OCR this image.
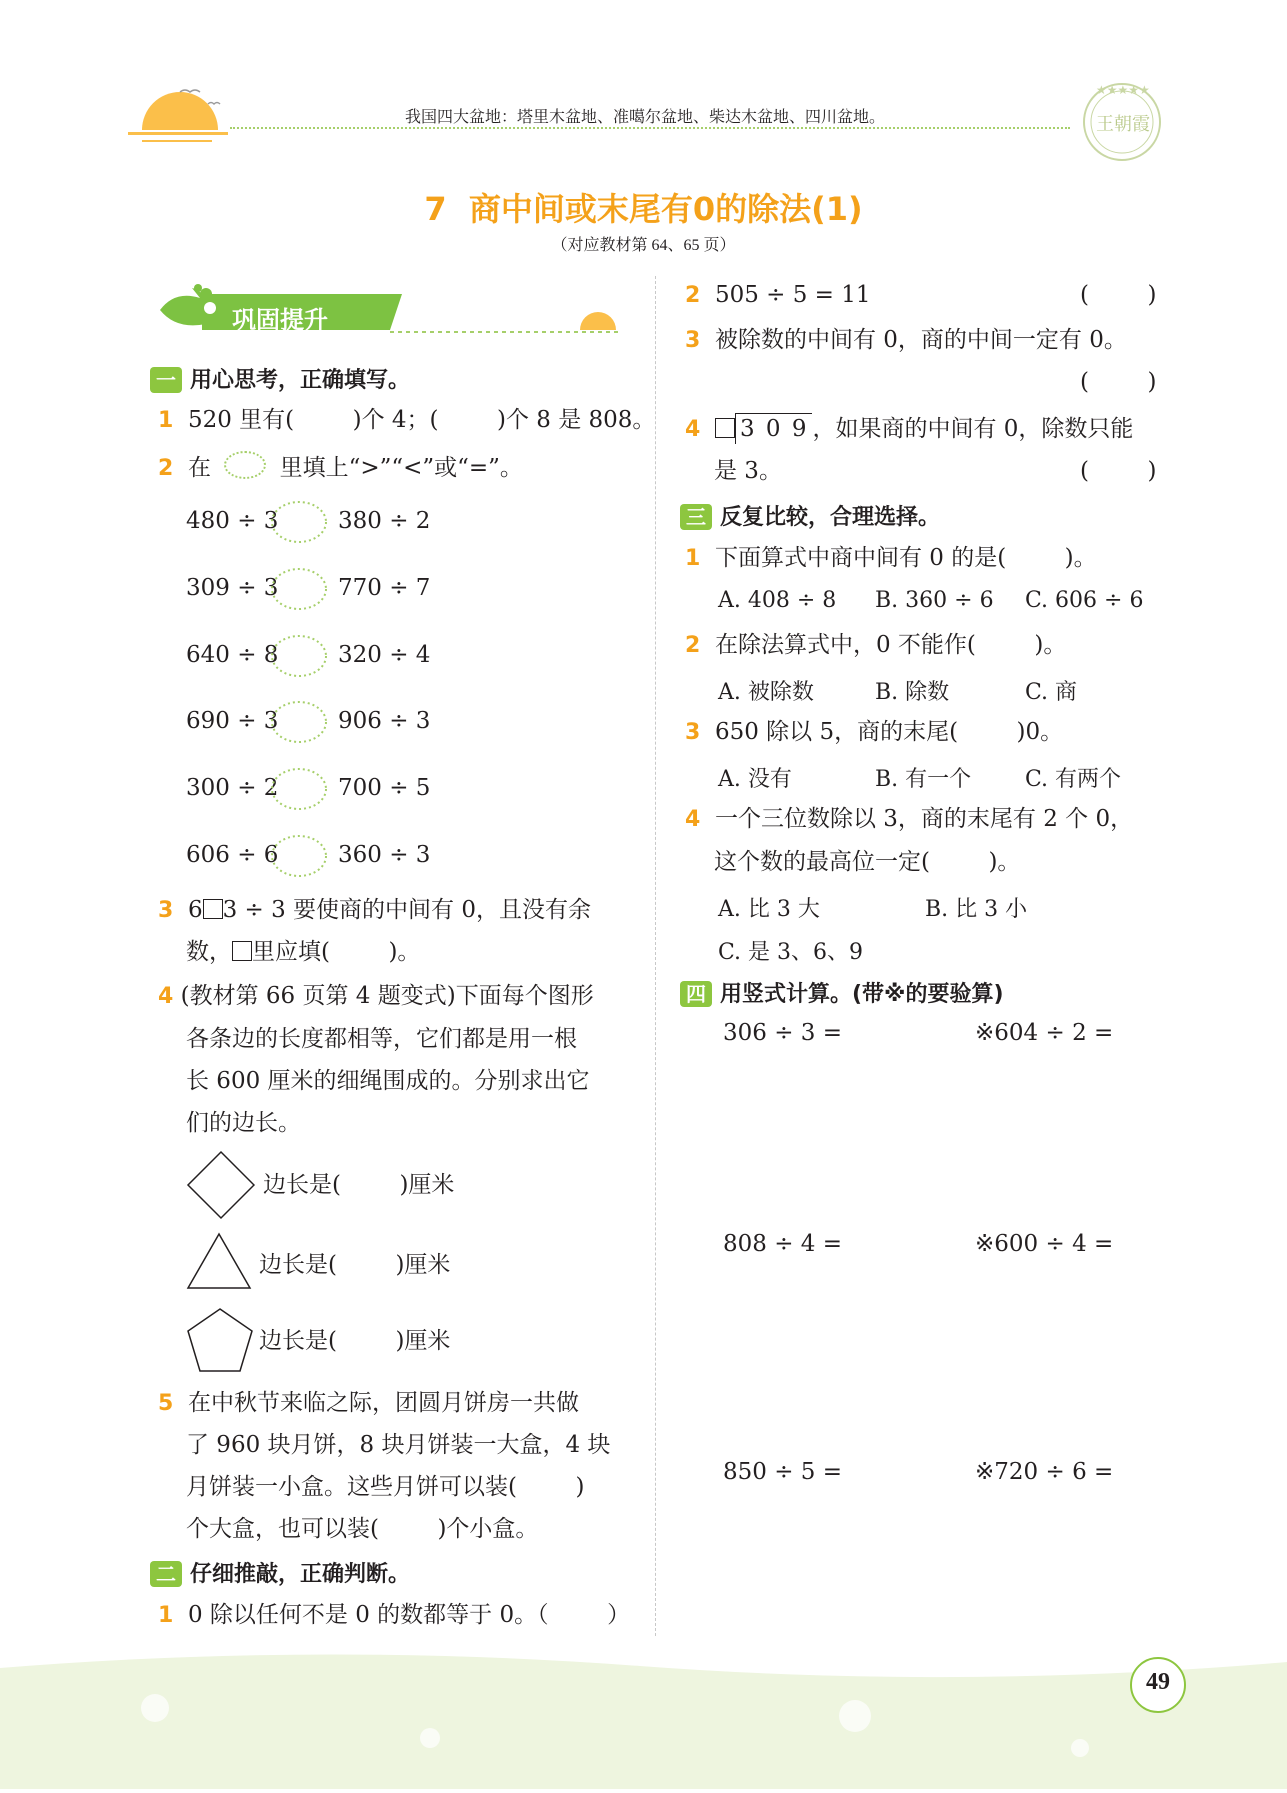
我国四大盆地：塔里木盆地、准噶尔盆地、柴达木盆地、四川盆地。
★★★★★
王朝霞
7  商中间或末尾有0的除法(1)
（对应教材第 64、65 页）
巩固提升
一 用心思考，正确填写。
1 520 里有(        )个 4；(        )个 8 是 808。
2 在	里填上“>”“<”或“=”。
480 ÷ 3	380 ÷ 2
309 ÷ 3	770 ÷ 7
640 ÷ 8	320 ÷ 4
690 ÷ 3	906 ÷ 3
300 ÷ 2	700 ÷ 5
606 ÷ 6	360 ÷ 3
3 6 3 ÷ 3 要使商的中间有 0，且没有余
数， 里应填(        )。
4 (教材第 66 页第 4 题变式)下面每个图形
各条边的长度都相等，它们都是用一根
长 600 厘米的细绳围成的。分别求出它
们的边长。
边长是(        )厘米
边长是(        )厘米
边长是(        )厘米
5 在中秋节来临之际，团圆月饼房一共做
了 960 块月饼，8 块月饼装一大盒，4 块
月饼装一小盒。这些月饼可以装(        )
个大盒，也可以装(        )个小盒。
二 仔细推敲，正确判断。
1 0 除以任何不是 0 的数都等于 0。（        ）
2 505 ÷ 5 = 11	(        )
3 被除数的中间有 0，商的中间一定有 0。
(        )
4 3 0 9 ，如果商的中间有 0，除数只能
是 3。	(        )
三 反复比较，合理选择。
1 下面算式中商中间有 0 的是(        )。
A. 408 ÷ 8 B. 360 ÷ 6 C. 606 ÷ 6
2 在除法算式中，0 不能作(        )。
A. 被除数	B. 除数	C. 商
3 650 除以 5，商的末尾(        )0。
A. 没有	B. 有一个 C. 有两个
4 一个三位数除以 3，商的末尾有 2 个 0，
这个数的最高位一定(        )。
A. 比 3 大	B. 比 3 小
C. 是 3、6、9
四 用竖式计算。(带※的要验算)
306 ÷ 3 =	※604 ÷ 2 =
808 ÷ 4 =	※600 ÷ 4 =
850 ÷ 5 =	※720 ÷ 6 =
49
